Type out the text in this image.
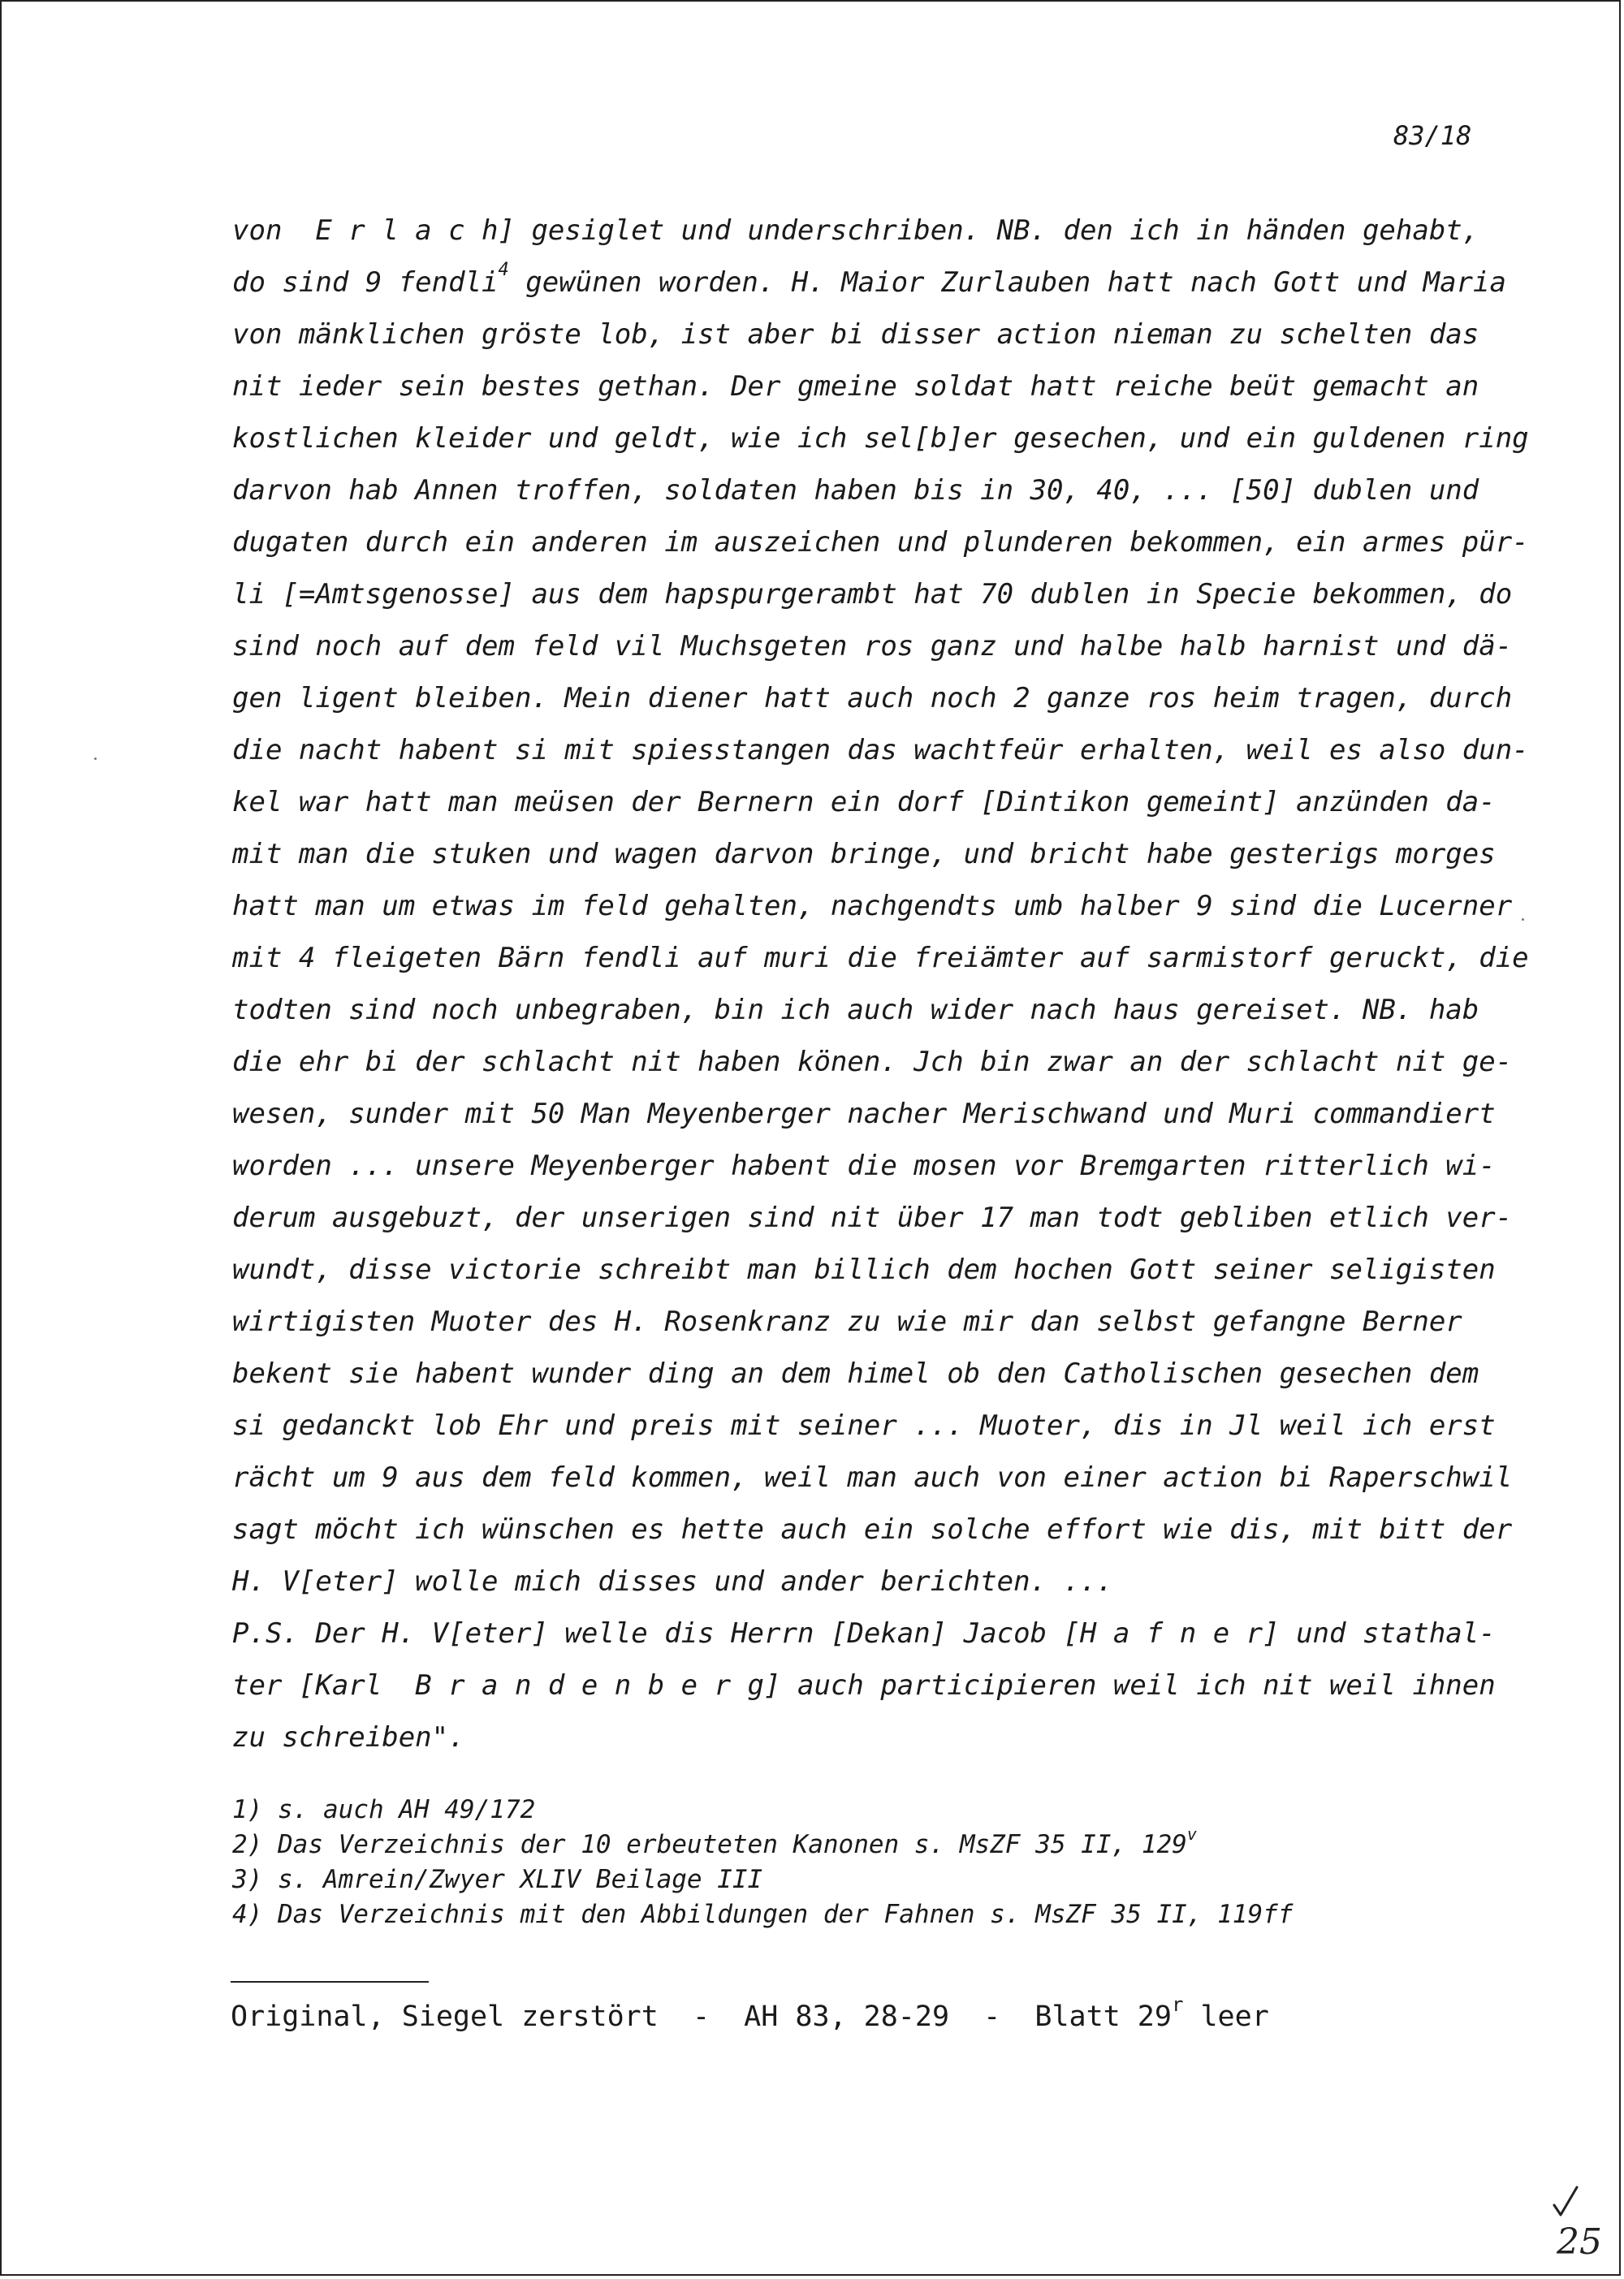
83/18
von  E r l a c h] gesiglet und underschriben. NB. den ich in händen gehabt,
do sind 9 fendli$^4$ gewünen worden. H. Maior Zurlauben hatt nach Gott und Maria
von mänklichen gröste lob, ist aber bi disser action nieman zu schelten das
nit ieder sein bestes gethan. Der gmeine soldat hatt reiche beüt gemacht an
kostlichen kleider und geldt, wie ich sel[b]er gesechen, und ein guldenen ring
darvon hab Annen troffen, soldaten haben bis in 30, 40, ... [50] dublen und
dugaten durch ein anderen im auszeichen und plunderen bekommen, ein armes pür-
li [=Amtsgenosse] aus dem hapspurgerambt hat 70 dublen in Specie bekommen, do
sind noch auf dem feld vil Muchsgeten ros ganz und halbe halb harnist und dä-
gen ligent bleiben. Mein diener hatt auch noch 2 ganze ros heim tragen, durch
die nacht habent si mit spiesstangen das wachtfeür erhalten, weil es also dun-
kel war hatt man meüsen der Bernern ein dorf [Dintikon gemeint] anzünden da-
mit man die stuken und wagen darvon bringe, und bricht habe gesterigs morges
hatt man um etwas im feld gehalten, nachgendts umb halber 9 sind die Lucerner
mit 4 fleigeten Bärn fendli auf muri die freiämter auf sarmistorf geruckt, die
todten sind noch unbegraben, bin ich auch wider nach haus gereiset. NB. hab
die ehr bi der schlacht nit haben könen. Jch bin zwar an der schlacht nit ge-
wesen, sunder mit 50 Man Meyenberger nacher Merischwand und Muri commandiert
worden ... unsere Meyenberger habent die mosen vor Bremgarten ritterlich wi-
derum ausgebuzt, der unserigen sind nit über 17 man todt gebliben etlich ver-
wundt, disse victorie schreibt man billich dem hochen Gott seiner seligisten
wirtigisten Muoter des H. Rosenkranz zu wie mir dan selbst gefangne Berner
bekent sie habent wunder ding an dem himel ob den Catholischen gesechen dem
si gedanckt lob Ehr und preis mit seiner ... Muoter, dis in Jl weil ich erst
rächt um 9 aus dem feld kommen, weil man auch von einer action bi Raperschwil
sagt möcht ich wünschen es hette auch ein solche effort wie dis, mit bitt der
H. V[eter] wolle mich disses und ander berichten. ...
P.S. Der H. V[eter] welle dis Herrn [Dekan] Jacob [H a f n e r] und stathal-
ter [Karl  B r a n d e n b e r g] auch participieren weil ich nit weil ihnen
zu schreiben".
1) s. auch AH 49/172
2) Das Verzeichnis der 10 erbeuteten Kanonen s. MsZF 35 II, 129$^v$
3) s. Amrein/Zwyer XLIV Beilage III
4) Das Verzeichnis mit den Abbildungen der Fahnen s. MsZF 35 II, 119ff
Original, Siegel zerstört  -  AH 83, 28-29  -  Blatt 29$^r$ leer
25
